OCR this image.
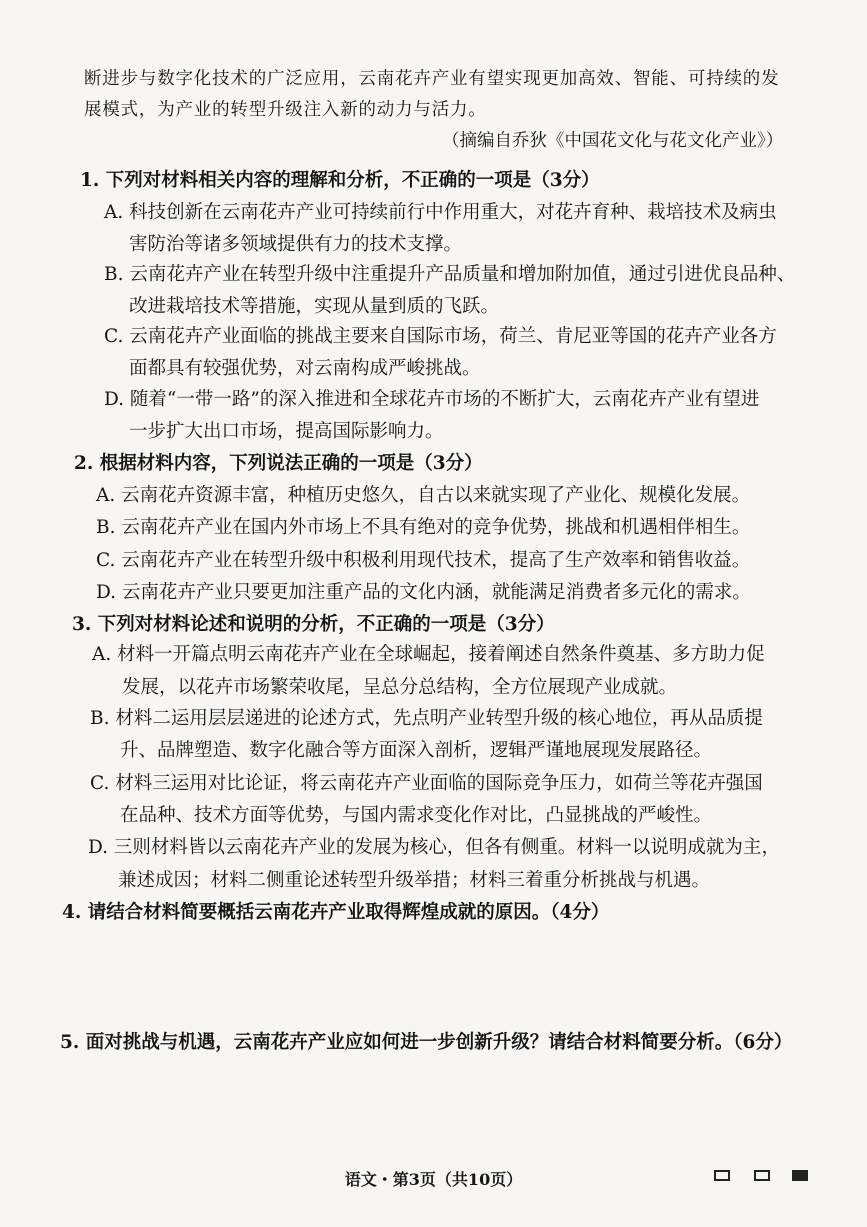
断进步与数字化技术的广泛应用，云南花卉产业有望实现更加高效、智能、可持续的发
展模式，为产业的转型升级注入新的动力与活力。
（摘编自乔狄《中国花文化与花文化产业》）
1. 下列对材料相关内容的理解和分析，不正确的一项是（3分）
A. 科技创新在云南花卉产业可持续前行中作用重大，对花卉育种、栽培技术及病虫
害防治等诸多领域提供有力的技术支撑。
B. 云南花卉产业在转型升级中注重提升产品质量和增加附加值，通过引进优良品种、
改进栽培技术等措施，实现从量到质的飞跃。
C. 云南花卉产业面临的挑战主要来自国际市场，荷兰、肯尼亚等国的花卉产业各方
面都具有较强优势，对云南构成严峻挑战。
D. 随着“一带一路”的深入推进和全球花卉市场的不断扩大，云南花卉产业有望进
一步扩大出口市场，提高国际影响力。
2. 根据材料内容，下列说法正确的一项是（3分）
A. 云南花卉资源丰富，种植历史悠久，自古以来就实现了产业化、规模化发展。
B. 云南花卉产业在国内外市场上不具有绝对的竞争优势，挑战和机遇相伴相生。
C. 云南花卉产业在转型升级中积极利用现代技术，提高了生产效率和销售收益。
D. 云南花卉产业只要更加注重产品的文化内涵，就能满足消费者多元化的需求。
3. 下列对材料论述和说明的分析，不正确的一项是（3分）
A. 材料一开篇点明云南花卉产业在全球崛起，接着阐述自然条件奠基、多方助力促
发展，以花卉市场繁荣收尾，呈总分总结构，全方位展现产业成就。
B. 材料二运用层层递进的论述方式，先点明产业转型升级的核心地位，再从品质提
升、品牌塑造、数字化融合等方面深入剖析，逻辑严谨地展现发展路径。
C. 材料三运用对比论证，将云南花卉产业面临的国际竞争压力，如荷兰等花卉强国
在品种、技术方面等优势，与国内需求变化作对比，凸显挑战的严峻性。
D. 三则材料皆以云南花卉产业的发展为核心，但各有侧重。材料一以说明成就为主，
兼述成因；材料二侧重论述转型升级举措；材料三着重分析挑战与机遇。
4. 请结合材料简要概括云南花卉产业取得辉煌成就的原因。（4分）
5. 面对挑战与机遇，云南花卉产业应如何进一步创新升级？请结合材料简要分析。（6分）
语文・第3页（共10页）
